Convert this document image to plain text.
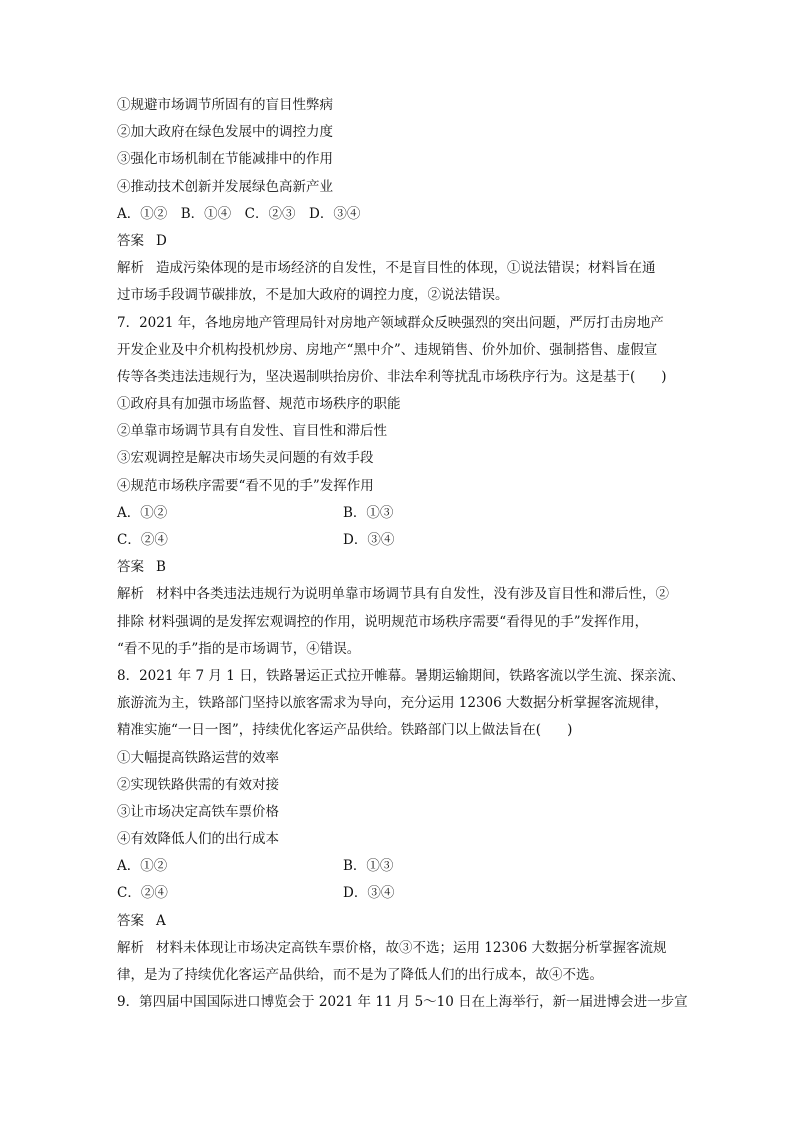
①规避市场调节所固有的盲目性弊病
②加大政府在绿色发展中的调控力度
③强化市场机制在节能减排中的作用
④推动技术创新并发展绿色高新产业
A．①②　B．①④　C．②③　D．③④
答案 D
解析 造成污染体现的是市场经济的自发性，不是盲目性的体现，①说法错误；材料旨在通
过市场手段调节碳排放，不是加大政府的调控力度，②说法错误。
7．2021 年，各地房地产管理局针对房地产领域群众反映强烈的突出问题，严厉打击房地产
开发企业及中介机构投机炒房、房地产“黑中介”、违规销售、价外加价、强制搭售、虚假宣
传等各类违法违规行为，坚决遏制哄抬房价、非法牟利等扰乱市场秩序行为。这是基于( )
①政府具有加强市场监督、规范市场秩序的职能
②单靠市场调节具有自发性、盲目性和滞后性
③宏观调控是解决市场失灵问题的有效手段
④规范市场秩序需要“看不见的手”发挥作用
A．①②	B．①③
C．②④	D．③④
答案 B
解析 材料中各类违法违规行为说明单靠市场调节具有自发性，没有涉及盲目性和滞后性，②
排除 材料强调的是发挥宏观调控的作用，说明规范市场秩序需要“看得见的手”发挥作用，
“看不见的手”指的是市场调节，④错误。
8．2021 年 7 月 1 日，铁路暑运正式拉开帷幕。暑期运输期间，铁路客流以学生流、探亲流、
旅游流为主，铁路部门坚持以旅客需求为导向，充分运用 12306 大数据分析掌握客流规律，
精准实施“一日一图”，持续优化客运产品供给。铁路部门以上做法旨在( )
①大幅提高铁路运营的效率
②实现铁路供需的有效对接
③让市场决定高铁车票价格
④有效降低人们的出行成本
A．①②	B．①③
C．②④	D．③④
答案 A
解析 材料未体现让市场决定高铁车票价格，故③不选；运用 12306 大数据分析掌握客流规
律，是为了持续优化客运产品供给，而不是为了降低人们的出行成本，故④不选。
9．第四届中国国际进口博览会于 2021 年 11 月 5～10 日在上海举行，新一届进博会进一步宣
